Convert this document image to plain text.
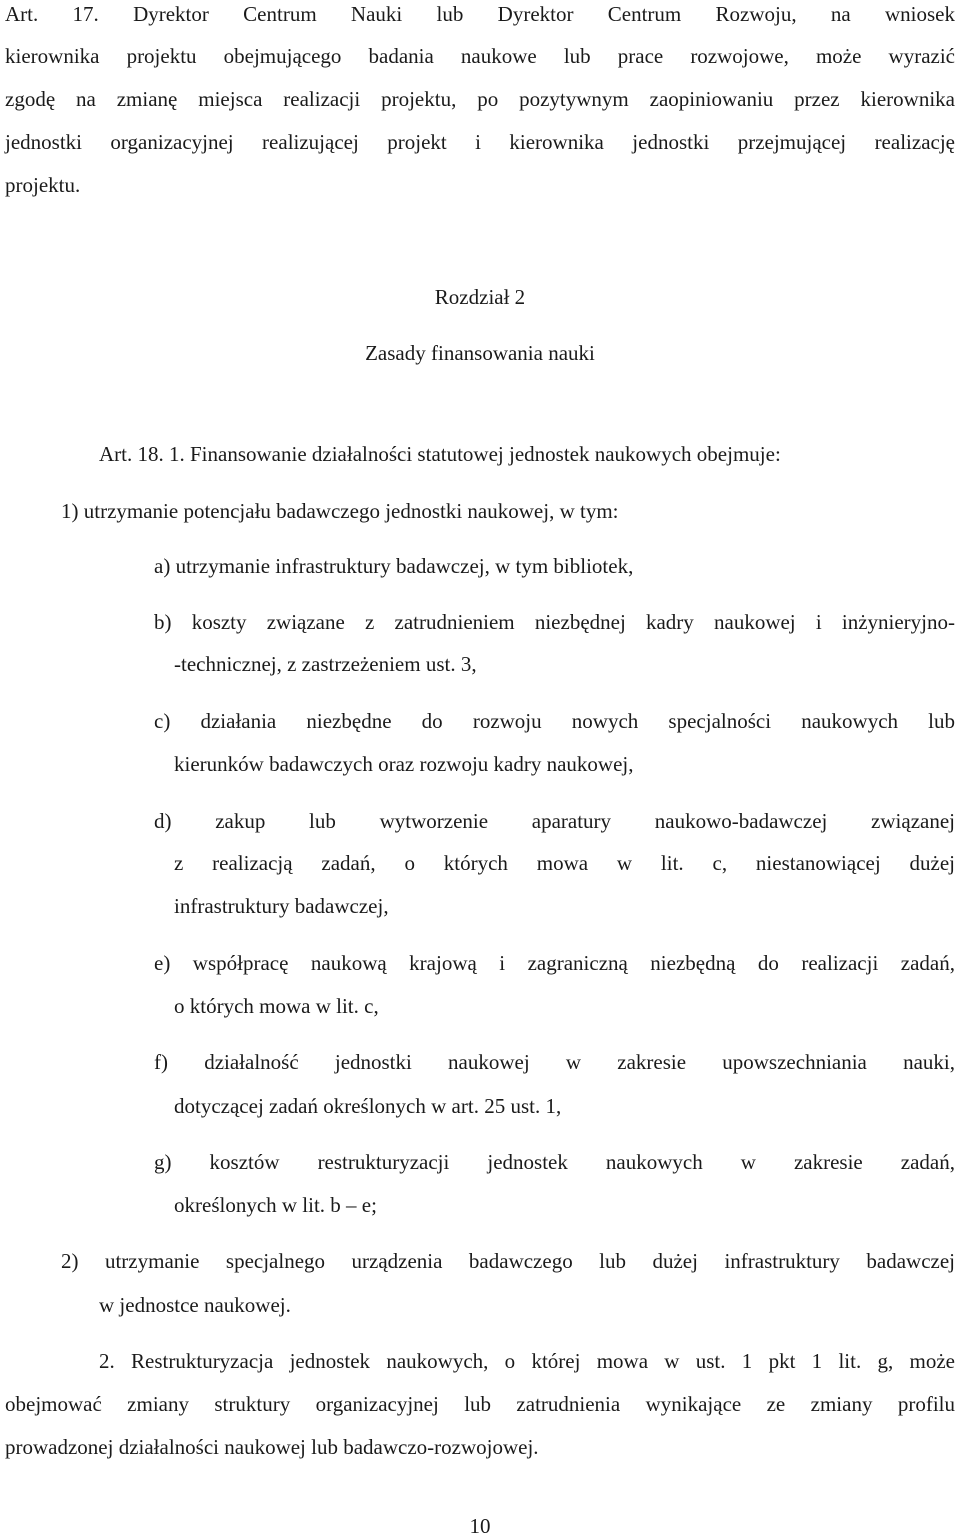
Art. 17. Dyrektor Centrum Nauki lub Dyrektor Centrum Rozwoju, na wniosek
kierownika projektu obejmującego badania naukowe lub prace rozwojowe, może wyrazić
zgodę na zmianę miejsca realizacji projektu, po pozytywnym zaopiniowaniu przez kierownika
jednostki organizacyjnej realizującej projekt i kierownika jednostki przejmującej realizację
projektu.
Rozdział 2
Zasady finansowania nauki
Art. 18. 1. Finansowanie działalności statutowej jednostek naukowych obejmuje:
1) utrzymanie potencjału badawczego jednostki naukowej, w tym:
a) utrzymanie infrastruktury badawczej, w tym bibliotek,
b) koszty związane z zatrudnieniem niezbędnej kadry naukowej i inżynieryjno-
-technicznej, z zastrzeżeniem ust. 3,
c) działania niezbędne do rozwoju nowych specjalności naukowych lub
kierunków badawczych oraz rozwoju kadry naukowej,
d) zakup lub wytworzenie aparatury naukowo-badawczej związanej
z realizacją zadań, o których mowa w lit. c, niestanowiącej dużej
infrastruktury badawczej,
e) współpracę naukową krajową i zagraniczną niezbędną do realizacji zadań,
o których mowa w lit. c,
f) działalność jednostki naukowej w zakresie upowszechniania nauki,
dotyczącej zadań określonych w art. 25 ust. 1,
g) kosztów restrukturyzacji jednostek naukowych w zakresie zadań,
określonych w lit. b – e;
2) utrzymanie specjalnego urządzenia badawczego lub dużej infrastruktury badawczej
w jednostce naukowej.
2. Restrukturyzacja jednostek naukowych, o której mowa w ust. 1 pkt 1 lit. g, może
obejmować zmiany struktury organizacyjnej lub zatrudnienia wynikające ze zmiany profilu
prowadzonej działalności naukowej lub badawczo-rozwojowej.
10
